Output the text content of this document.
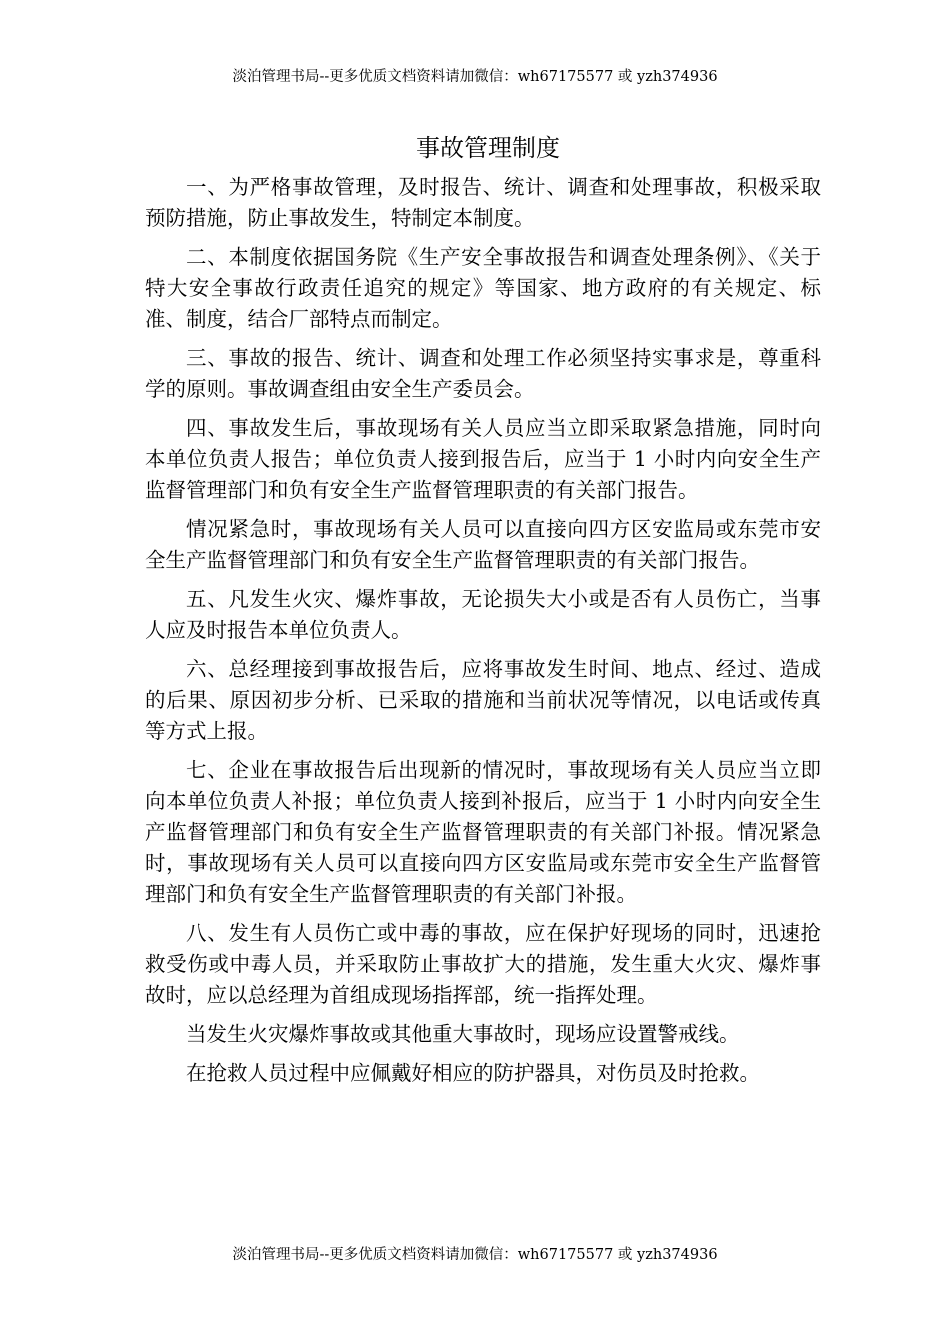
淡泊管理书局--更多优质文档资料请加微信：wh67175577 或 yzh374936
事故管理制度

一、为严格事故管理，及时报告、统计、调查和处理事故，积极采取预防措施，防止事故发生，特制定本制度。

二、本制度依据国务院《生产安全事故报告和调查处理条例》、《关于特大安全事故行政责任追究的规定》等国家、地方政府的有关规定、标准、制度，结合厂部特点而制定。

三、事故的报告、统计、调查和处理工作必须坚持实事求是，尊重科学的原则。事故调查组由安全生产委员会。

四、事故发生后，事故现场有关人员应当立即采取紧急措施，同时向本单位负责人报告；单位负责人接到报告后，应当于 1 小时内向安全生产监督管理部门和负有安全生产监督管理职责的有关部门报告。

情况紧急时，事故现场有关人员可以直接向四方区安监局或东莞市安全生产监督管理部门和负有安全生产监督管理职责的有关部门报告。

五、凡发生火灾、爆炸事故，无论损失大小或是否有人员伤亡，当事人应及时报告本单位负责人。

六、总经理接到事故报告后，应将事故发生时间、地点、经过、造成的后果、原因初步分析、已采取的措施和当前状况等情况，以电话或传真等方式上报。

七、企业在事故报告后出现新的情况时，事故现场有关人员应当立即向本单位负责人补报；单位负责人接到补报后，应当于 1 小时内向安全生产监督管理部门和负有安全生产监督管理职责的有关部门补报。情况紧急时，事故现场有关人员可以直接向四方区安监局或东莞市安全生产监督管理部门和负有安全生产监督管理职责的有关部门补报。

八、发生有人员伤亡或中毒的事故，应在保护好现场的同时，迅速抢救受伤或中毒人员，并采取防止事故扩大的措施，发生重大火灾、爆炸事故时，应以总经理为首组成现场指挥部，统一指挥处理。

当发生火灾爆炸事故或其他重大事故时，现场应设置警戒线。

在抢救人员过程中应佩戴好相应的防护器具，对伤员及时抢救。

淡泊管理书局--更多优质文档资料请加微信：wh67175577 或 yzh374936
